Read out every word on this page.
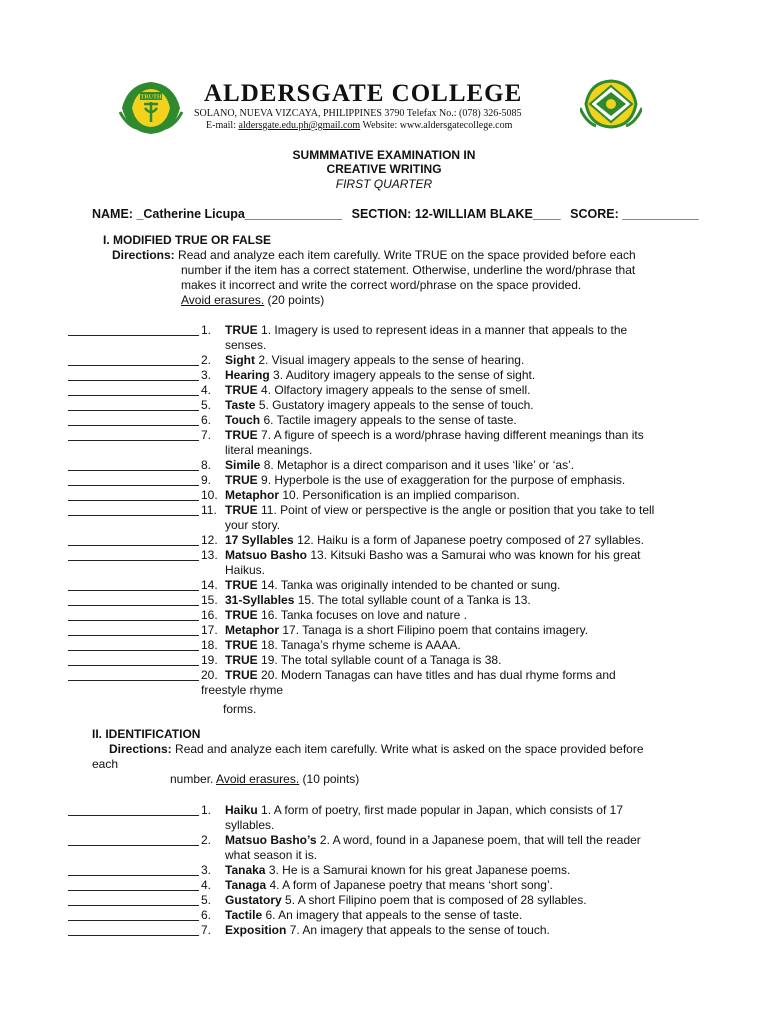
TRUTH ALDERSGATE COLLEGE
SOLANO, NUEVA VIZCAYA, PHILIPPINES 3790 Telefax No.: (078) 326-5085
E-mail: aldersgate.edu.ph@gmail.com Website: www.aldersgatecollege.com
SUMMMATIVE EXAMINATION IN
CREATIVE WRITING
FIRST QUARTER
NAME: _Catherine Licupa______________ SECTION: 12-WILLIAM BLAKE____ SCORE: ___________
I. MODIFIED TRUE OR FALSE
Directions: Read and analyze each item carefully. Write TRUE on the space provided before each
number if the item has a correct statement. Otherwise, underline the word/phrase that
makes it incorrect and write the correct word/phrase on the space provided.
Avoid erasures. (20 points)
1. TRUE 1. Imagery is used to represent ideas in a manner that appeals to the
senses.
2. Sight 2. Visual imagery appeals to the sense of hearing.
3. Hearing 3. Auditory imagery appeals to the sense of sight.
4. TRUE 4. Olfactory imagery appeals to the sense of smell.
5. Taste 5. Gustatory imagery appeals to the sense of touch.
6. Touch 6. Tactile imagery appeals to the sense of taste.
7. TRUE 7. A figure of speech is a word/phrase having different meanings than its
literal meanings.
8. Simile 8. Metaphor is a direct comparison and it uses ‘like’ or ‘as’.
9. TRUE 9. Hyperbole is the use of exaggeration for the purpose of emphasis.
10. Metaphor 10. Personification is an implied comparison.
11. TRUE 11. Point of view or perspective is the angle or position that you take to tell
your story.
12. 17 Syllables 12. Haiku is a form of Japanese poetry composed of 27 syllables.
13. Matsuo Basho 13. Kitsuki Basho was a Samurai who was known for his great
Haikus.
14. TRUE 14. Tanka was originally intended to be chanted or sung.
15. 31-Syllables 15. The total syllable count of a Tanka is 13.
16. TRUE 16. Tanka focuses on love and nature .
17. Metaphor 17. Tanaga is a short Filipino poem that contains imagery.
18. TRUE 18. Tanaga’s rhyme scheme is AAAA.
19. TRUE 19. The total syllable count of a Tanaga is 38.
20. TRUE 20. Modern Tanagas can have titles and has dual rhyme forms and
freestyle rhyme
forms.
II. IDENTIFICATION
Directions: Read and analyze each item carefully. Write what is asked on the space provided before
each
number. Avoid erasures. (10 points)
1. Haiku 1. A form of poetry, first made popular in Japan, which consists of 17
syllables.
2. Matsuo Basho’s 2. A word, found in a Japanese poem, that will tell the reader
what season it is.
3. Tanaka 3. He is a Samurai known for his great Japanese poems.
4. Tanaga 4. A form of Japanese poetry that means ‘short song’.
5. Gustatory 5. A short Filipino poem that is composed of 28 syllables.
6. Tactile 6. An imagery that appeals to the sense of taste.
7. Exposition 7. An imagery that appeals to the sense of touch.
